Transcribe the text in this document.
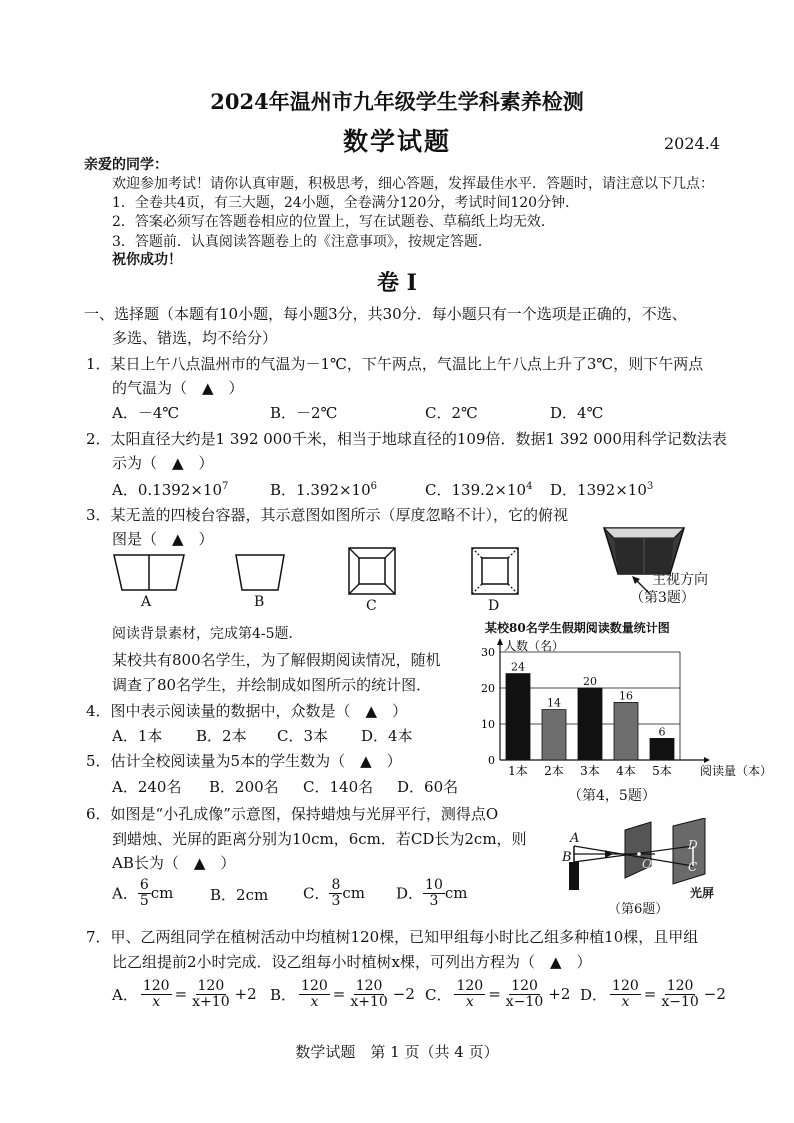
2024年温州市九年级学生学科素养检测
数学试题	2024.4
亲爱的同学：
欢迎参加考试！请你认真审题，积极思考，细心答题，发挥最佳水平．答题时，请注意以下几点：
1．全卷共4页，有三大题，24小题，全卷满分120分，考试时间120分钟．
2．答案必须写在答题卷相应的位置上，写在试题卷、草稿纸上均无效．
3．答题前．认真阅读答题卷上的《注意事项》，按规定答题．
祝你成功！
卷 I
一、选择题（本题有10小题，每小题3分，共30分．每小题只有一个选项是正确的，不选、
多选、错选，均不给分）
1．某日上午八点温州市的气温为－1℃，下午两点，气温比上午八点上升了3℃，则下午两点
的气温为（　▲　）
A．－4℃	B．－2℃	C．2℃	D．4℃
2．太阳直径大约是1 392 000千米，相当于地球直径的109倍．数据1 392 000用科学记数法表
示为（　▲　）
A．$0.1392\times 10^7$	B．$1.392\times 10^6$	C．$139.2\times 10^4$ D．$1392\times 10^3$
3．某无盖的四棱台容器，其示意图如图所示（厚度忽略不计），它的俯视
图是（　▲　）
A	B	C	D
主视方向
（第3题）
阅读背景素材，完成第4-5题．
某校共有800名学生，为了解假期阅读情况，随机
调查了80名学生，并绘制成如图所示的统计图．
某校80名学生假期阅读数量统计图
0
10
20
30 人数（名）
24
1本
14
2本
20
3本
16
4本
6
5本 阅读量（本）
（第4，5题）
4．图中表示阅读量的数据中，众数是（　▲　）
A．1本 B．2本 C．3本 D．4本
5．估计全校阅读量为5本的学生数为（　▲　）
A．240名 B．200名 C．140名 D．60名
6．如图是“小孔成像”示意图，保持蜡烛与光屏平行，测得点O
到蜡烛、光屏的距离分别为10cm，6cm．若CD长为2cm，则
AB长为（　▲　）
A． $\frac{6}{5}$ cm B．2cm C． $\frac{8}{3}$ cm D． $\frac{10}{3}$ cm
A
B	O
D
C
光屏
（第6题）
7．甲、乙两组同学在植树活动中均植树120棵，已知甲组每小时比乙组多种植10棵，且甲组
比乙组提前2小时完成．设乙组每小时植树x棵，可列出方程为（　▲　）
A． $\frac{120}{x} = \frac{120}{x+10} +2$ B． $\frac{120}{x} = \frac{120}{x+10} -2$ C． $\frac{120}{x} = \frac{120}{x-10} +2$ D． $\frac{120}{x} = \frac{120}{x-10} -2$
数学试题　第 1 页（共 4 页）
